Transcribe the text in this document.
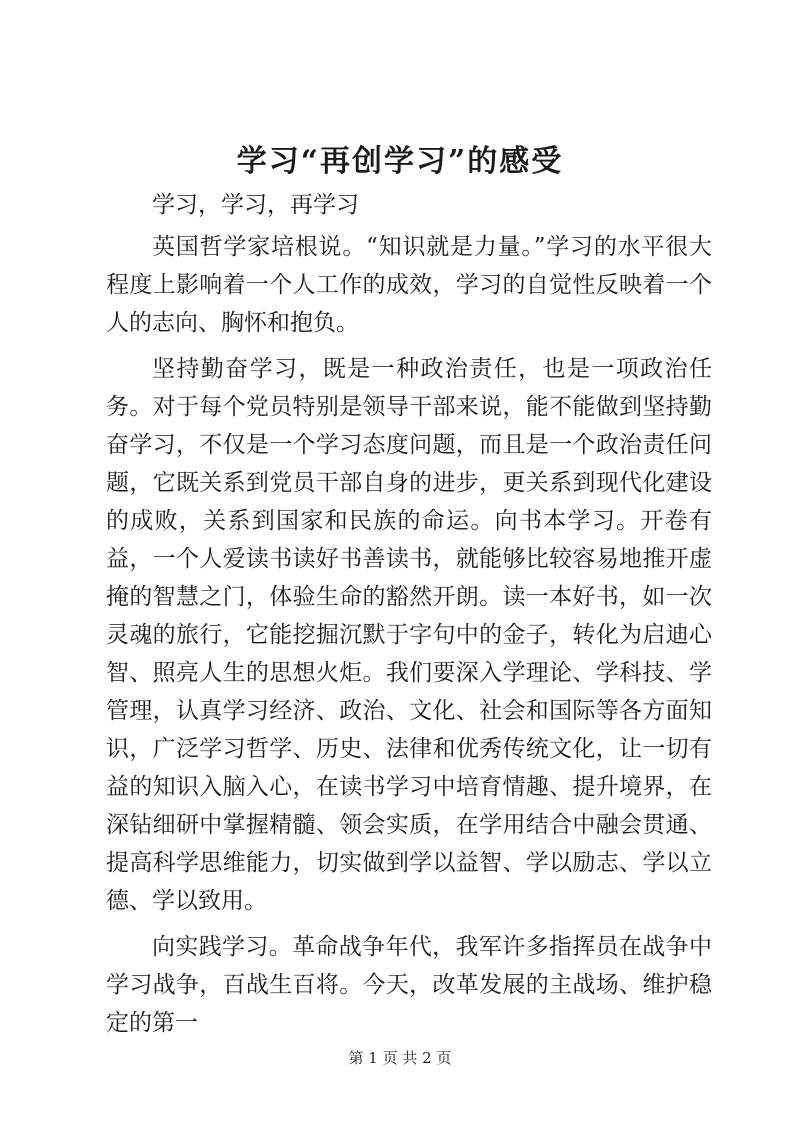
学习“再创学习”的感受

学习，学习，再学习

英国哲学家培根说。“知识就是力量。”学习的水平很大程度上影响着一个人工作的成效，学习的自觉性反映着一个人的志向、胸怀和抱负。

坚持勤奋学习，既是一种政治责任，也是一项政治任务。对于每个党员特别是领导干部来说，能不能做到坚持勤奋学习，不仅是一个学习态度问题，而且是一个政治责任问题，它既关系到党员干部自身的进步，更关系到现代化建设的成败，关系到国家和民族的命运。向书本学习。开卷有益，一个人爱读书读好书善读书，就能够比较容易地推开虚掩的智慧之门，体验生命的豁然开朗。读一本好书，如一次灵魂的旅行，它能挖掘沉默于字句中的金子，转化为启迪心智、照亮人生的思想火炬。我们要深入学理论、学科技、学管理，认真学习经济、政治、文化、社会和国际等各方面知识，广泛学习哲学、历史、法律和优秀传统文化，让一切有益的知识入脑入心，在读书学习中培育情趣、提升境界，在深钻细研中掌握精髓、领会实质，在学用结合中融会贯通、提高科学思维能力，切实做到学以益智、学以励志、学以立德、学以致用。

向实践学习。革命战争年代，我军许多指挥员在战争中学习战争，百战生百将。今天，改革发展的主战场、维护稳定的第一

第 1 页 共 2 页
